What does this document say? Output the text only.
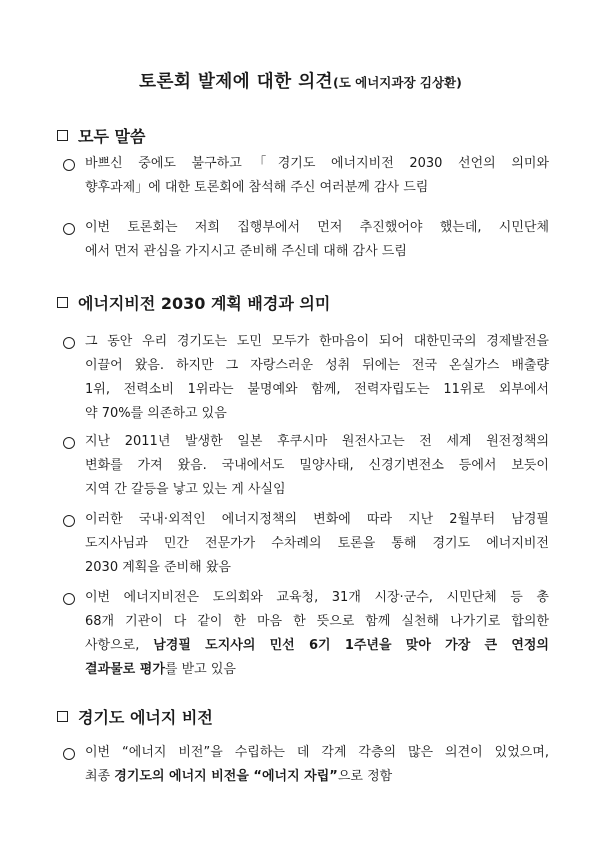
토론회 발제에 대한 의견(도 에너지과장 김상환)
모두 말씀
바쁘신 중에도 불구하고「경기도 에너지비전 2030 선언의 의미와
향후과제」에 대한 토론회에 참석해 주신 여러분께 감사 드림
이번 토론회는 저희 집행부에서 먼저 추진했어야 했는데, 시민단체
에서 먼저 관심을 가지시고 준비해 주신데 대해 감사 드림
에너지비전 2030 계획 배경과 의미
그 동안 우리 경기도는 도민 모두가 한마음이 되어 대한민국의 경제발전을
이끌어 왔음. 하지만 그 자랑스러운 성취 뒤에는 전국 온실가스 배출량
1위, 전력소비 1위라는 불명예와 함께, 전력자립도는 11위로 외부에서
약 70%를 의존하고 있음
지난 2011년 발생한 일본 후쿠시마 원전사고는 전 세계 원전정책의
변화를 가져 왔음. 국내에서도 밀양사태, 신경기변전소 등에서 보듯이
지역 간 갈등을 낳고 있는 게 사실임
이러한 국내·외적인 에너지정책의 변화에 따라 지난 2월부터 남경필
도지사님과 민간 전문가가 수차례의 토론을 통해 경기도 에너지비전
2030 계획을 준비해 왔음
이번 에너지비전은 도의회와 교육청, 31개 시장·군수, 시민단체 등 총
68개 기관이 다 같이 한 마음 한 뜻으로 함께 실천해 나가기로 합의한
사항으로, 남경필 도지사의 민선 6기 1주년을 맞아 가장 큰 연정의
결과물로 평가를 받고 있음
경기도 에너지 비전
이번 “에너지 비전”을 수립하는 데 각계 각층의 많은 의견이 있었으며,
최종 경기도의 에너지 비전을 “에너지 자립”으로 정함
